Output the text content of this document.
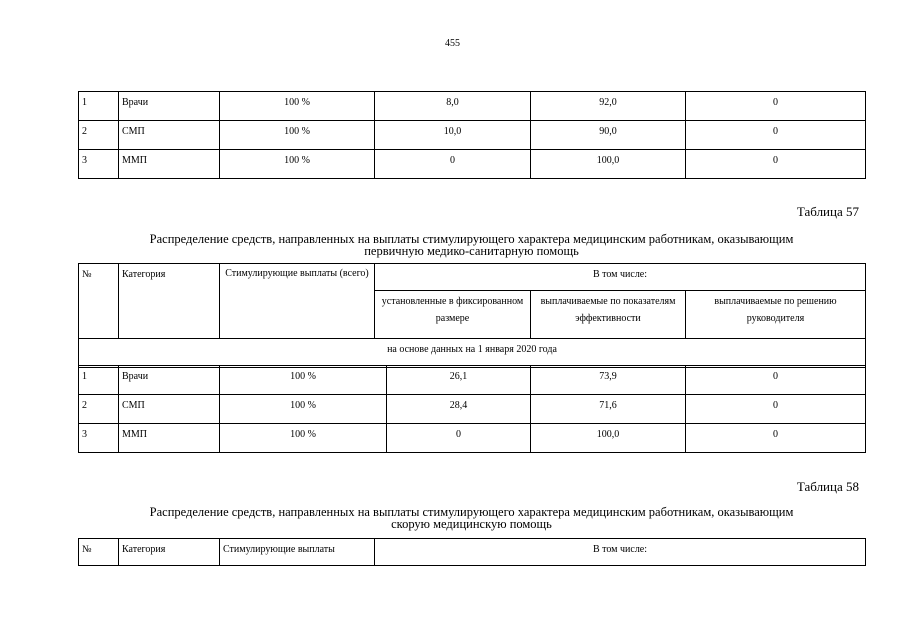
455
1	Врачи	100 %	8,0	92,0	0
2	СМП	100 %	10,0	90,0	0
3	ММП	100 %	0	100,0	0
Таблица 57
Распределение средств, направленных на выплаты стимулирующего характера медицинским работникам, оказывающим
первичную медико-санитарную помощь
№	Категория	Стимулирующие выплаты (всего)	В том числе:		
			установленные в фиксированном размере	выплачиваемые по показателям эффективности	выплачиваемые по решению руководителя
на основе данных на 1 января 2020 года					
1	Врачи	100 %	26,1	73,9	0
2	СМП	100 %	28,4	71,6	0
3	ММП	100 %	0	100,0	0
Таблица 58
Распределение средств, направленных на выплаты стимулирующего характера медицинским работникам, оказывающим
скорую медицинскую помощь
№	Категория	Стимулирующие выплаты	В том числе:
